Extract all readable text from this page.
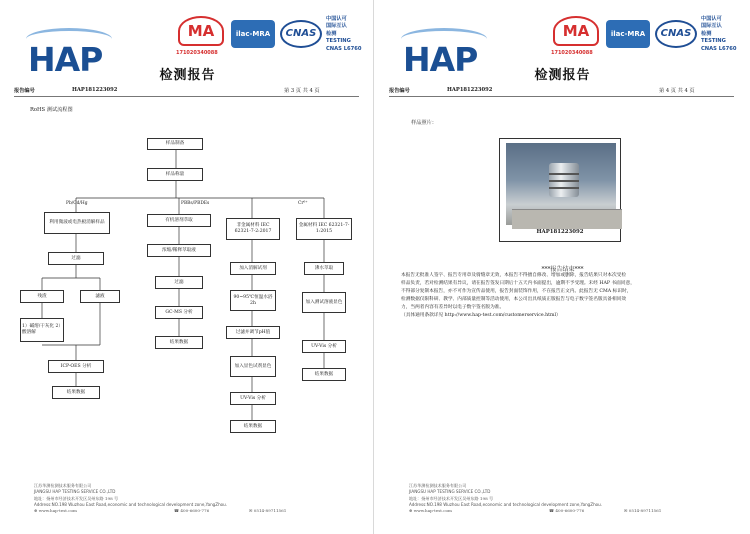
HAP
MA
171020340088
ilac-MRA	CNAS
中国认可
国际互认
检测
TESTING
CNAS L6760
检测报告
报告编号	HAP181223092	第 3 页 共 4 页
RoHS 测试流程图
样品制备
样品称量
Pb/Cd/Hg	PBBs/PBDEs	Cr⁶⁺
利用微波或电热板消解样品
过滤
残渣	滤液
1）碱熔/干灰化 2）酸溶解
ICP-OES 分析
结果数据
有机溶剂萃取
浓缩/稀释萃取液
过滤
GC-MS 分析
结果数据
非金属材料 IEC 62321-7-2:2017
加入消解试剂
90~95℃恒温水浴 2h
过滤并调节pH值
加入显色试剂显色
UV-Vis 分析
结果数据
金属材料 IEC 62321-7-1:2015
沸水萃取
加入测试溶液显色
UV-Vis 分析
结果数据
江苏华测检测技术服务有限公司
JIANGSU HAP TESTING SERVICE CO.,LTD
地址：扬州市经济技术开发区吴州东路 198 号
Address:NO.198 Wuzhou East Road,economic and technological development zone,YangZhou.
⊕ www.hap-test.com	☎ 400-6600-776	✉ 0514-89711561
HAP
MA
171020340088
ilac-MRA	CNAS
中国认可
国际互认
检测
TESTING
CNAS L6760
检测报告
报告编号	HAP181223092	第 4 页 共 4 页
样品照片：
HAP181223092
***报告结束***
本报告无批准人签字、报告专用章及骑缝章无效，本报告不得擅自修改、增加或删除，报告结果只对本次受检
样品负责，若对检测结果有异议，请在报告签发日期后十五天内书面提出，逾期不予受理。未经 HAP 书面同意，
不得部分复制本报告，亦不可作为宣传品使用，报告封面装饰作用，不在报告正文内。此报告无 CMA 标识时，
检测数据仅限科研、教学、内部质量控制等活动使用，本公司出具纸质正版报告与电子数字签名版具备相同效
力，当两者内容有差异时以电子数字签名版为准。
（具体通用条款详见 http://www.hap-test.com/customerservice.html）
江苏华测检测技术服务有限公司
JIANGSU HAP TESTING SERVICE CO.,LTD
地址：扬州市经济技术开发区吴州东路 198 号
Address:NO.198 Wuzhou East Road,economic and technological development zone,YangZhou.
⊕ www.hap-test.com	☎ 400-6600-776	✉ 0514-89711561
